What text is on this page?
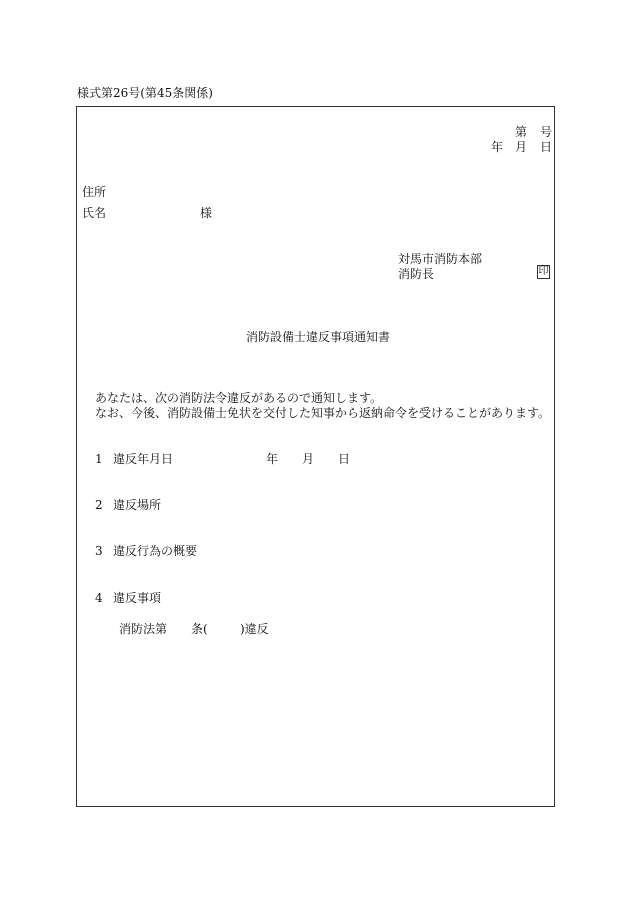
様式第26号(第45条関係)
第 号
年 月 日
住所
氏名	様
対馬市消防本部
消防長	印
消防設備士違反事項通知書
あなたは、次の消防法令違反があるので通知します。
なお、今後、消防設備士免状を交付した知事から返納命令を受けることがあります。
1 違反年月日	年 月 日
2 違反場所
3 違反行為の概要
4 違反事項
消防法第 条(	)違反
